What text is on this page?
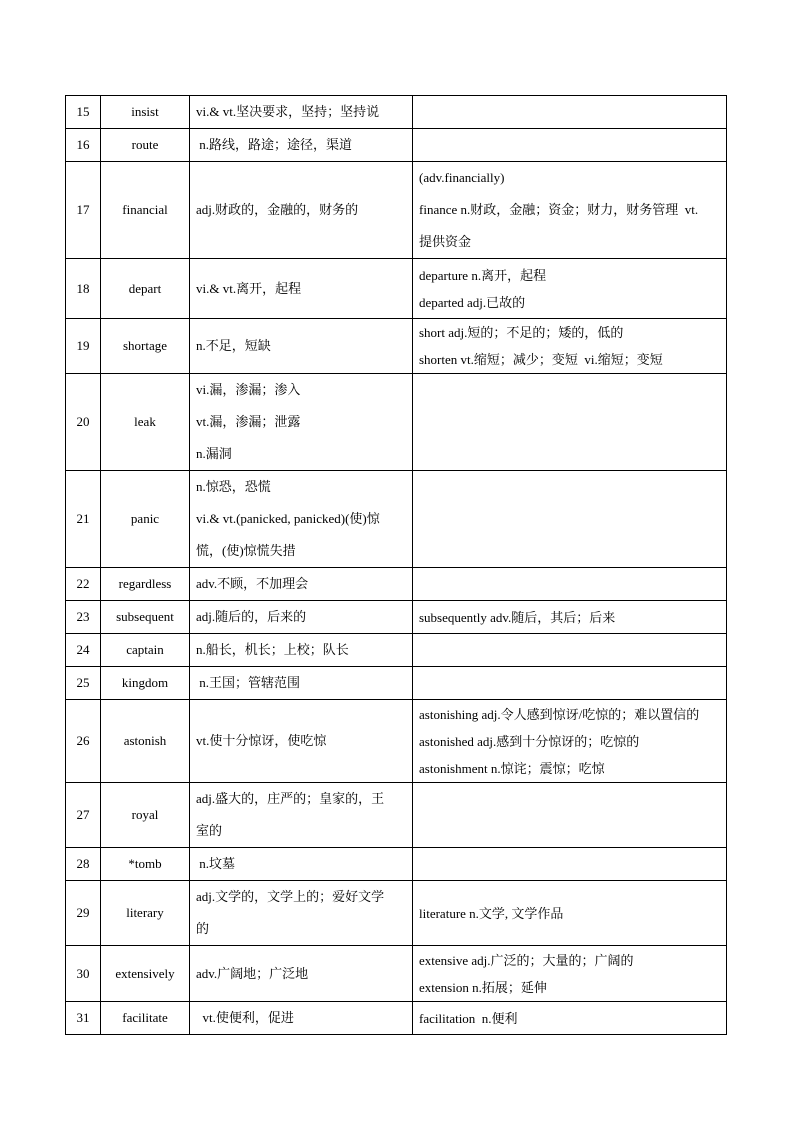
15	insist	vi.& vt.坚决要求，坚持；坚持说	

16	route	n.路线，路途；途径，渠道	

17	financial	adj.财政的，金融的，财务的	(adv.financially)
finance n.财政，金融；资金；财力，财务管理  vt.
提供资金

18	depart	vi.& vt.离开，起程	departure n.离开，起程
departed adj.已故的

19	shortage	n.不足，短缺	short adj.短的；不足的；矮的，低的
shorten vt.缩短；减少；变短  vi.缩短；变短

20	leak	vi.漏，渗漏；渗入
vt.漏，渗漏；泄露
n.漏洞	

21	panic	n.惊恐，恐慌
vi.& vt.(panicked, panicked)(使)惊
慌，(使)惊慌失措	

22	regardless	adv.不顾，不加理会	

23	subsequent	adj.随后的，后来的	subsequently adv.随后，其后；后来

24	captain	n.船长，机长；上校；队长	

25	kingdom	n.王国；管辖范围	

26	astonish	vt.使十分惊讶，使吃惊	astonishing adj.令人感到惊讶/吃惊的；难以置信的
astonished adj.感到十分惊讶的；吃惊的
astonishment n.惊诧；震惊；吃惊

27	royal	adj.盛大的，庄严的；皇家的，王
室的	

28	*tomb	n.坟墓	

29	literary	adj.文学的，文学上的；爱好文学
的	literature n.文学, 文学作品

30	extensively	adv.广阔地；广泛地	extensive adj.广泛的；大量的；广阔的
extension n.拓展；延伸

31	facilitate	vt.使便利，促进	facilitation  n.便利
